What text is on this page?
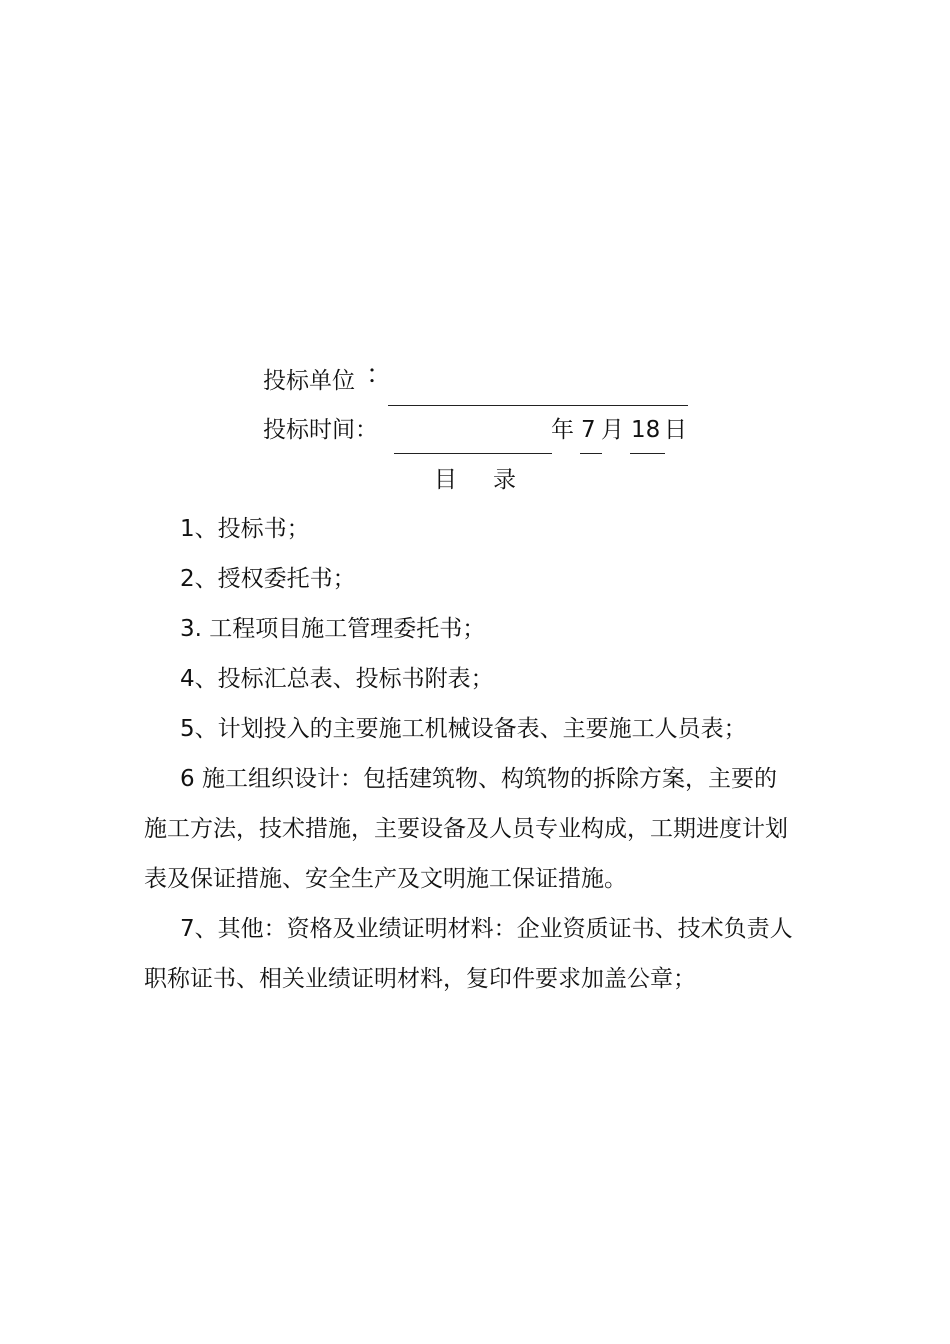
投标单位 ：
投标时间：	年 7 月 18 日
目 录
1、投标书；
2、授权委托书；
3. 工程项目施工管理委托书；
4、投标汇总表、投标书附表；
5、计划投入的主要施工机械设备表、主要施工人员表；
6 施工组织设计：包括建筑物、构筑物的拆除方案，主要的
施工方法，技术措施，主要设备及人员专业构成，工期进度计划
表及保证措施、安全生产及文明施工保证措施。
7、其他：资格及业绩证明材料：企业资质证书、技术负责人
职称证书、相关业绩证明材料，复印件要求加盖公章；
